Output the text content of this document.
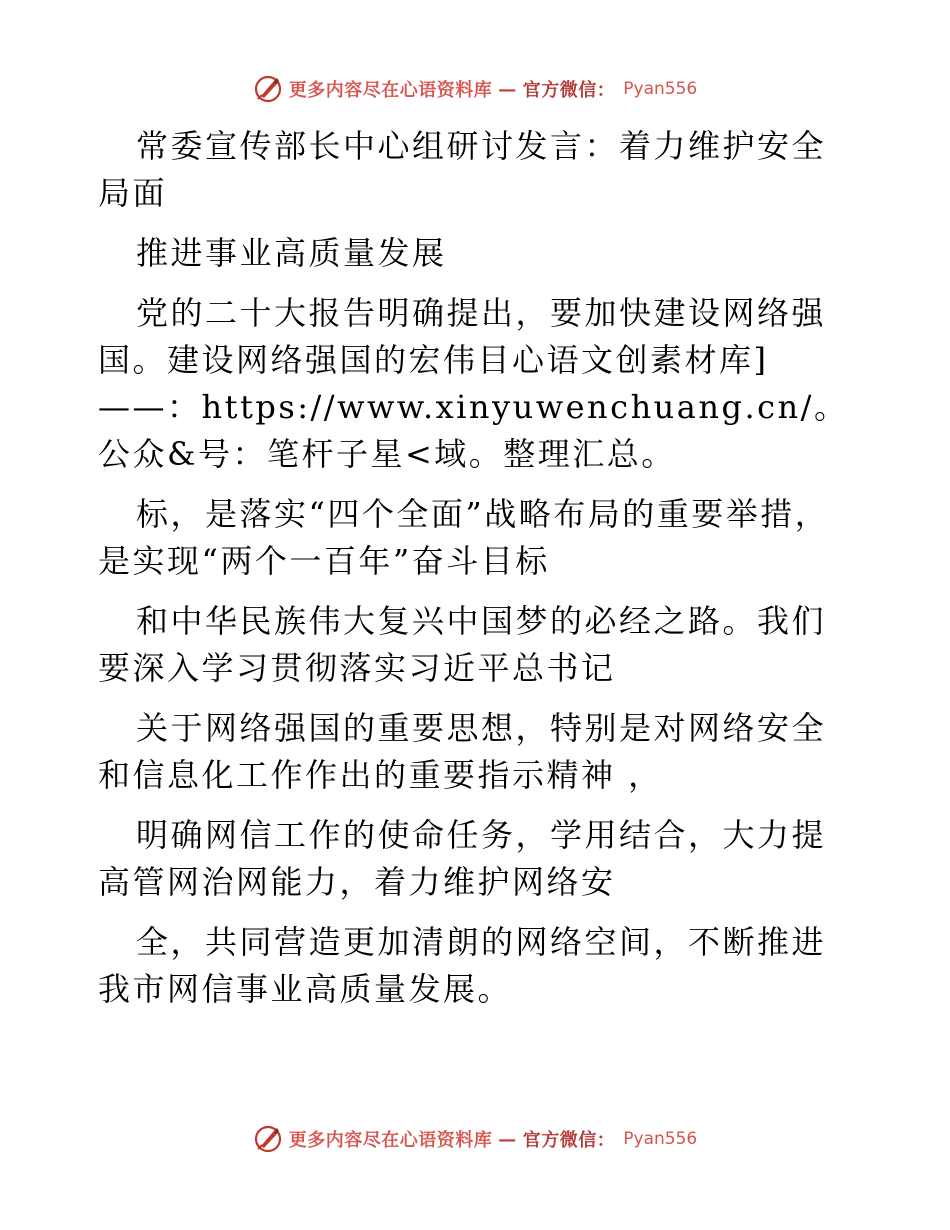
更多内容尽在心语资料库 — 官方微信： Pyan556

常委宣传部长中心组研讨发言：着力维护安全局面

推进事业高质量发展

党的二十大报告明确提出，要加快建设网络强国。建设网络强国的宏伟目心语文创素材库]——：https://www.xinyuwenchuang.cn/。公众&号：笔杆子星<域。整理汇总。

标，是落实“四个全面”战略布局的重要举措，是实现“两个一百年”奋斗目标

和中华民族伟大复兴中国梦的必经之路。我们要深入学习贯彻落实习近平总书记

关于网络强国的重要思想，特别是对网络安全和信息化工作作出的重要指示精神 ，

明确网信工作的使命任务，学用结合，大力提高管网治网能力，着力维护网络安

全，共同营造更加清朗的网络空间，不断推进我市网信事业高质量发展。

更多内容尽在心语资料库 — 官方微信： Pyan556
